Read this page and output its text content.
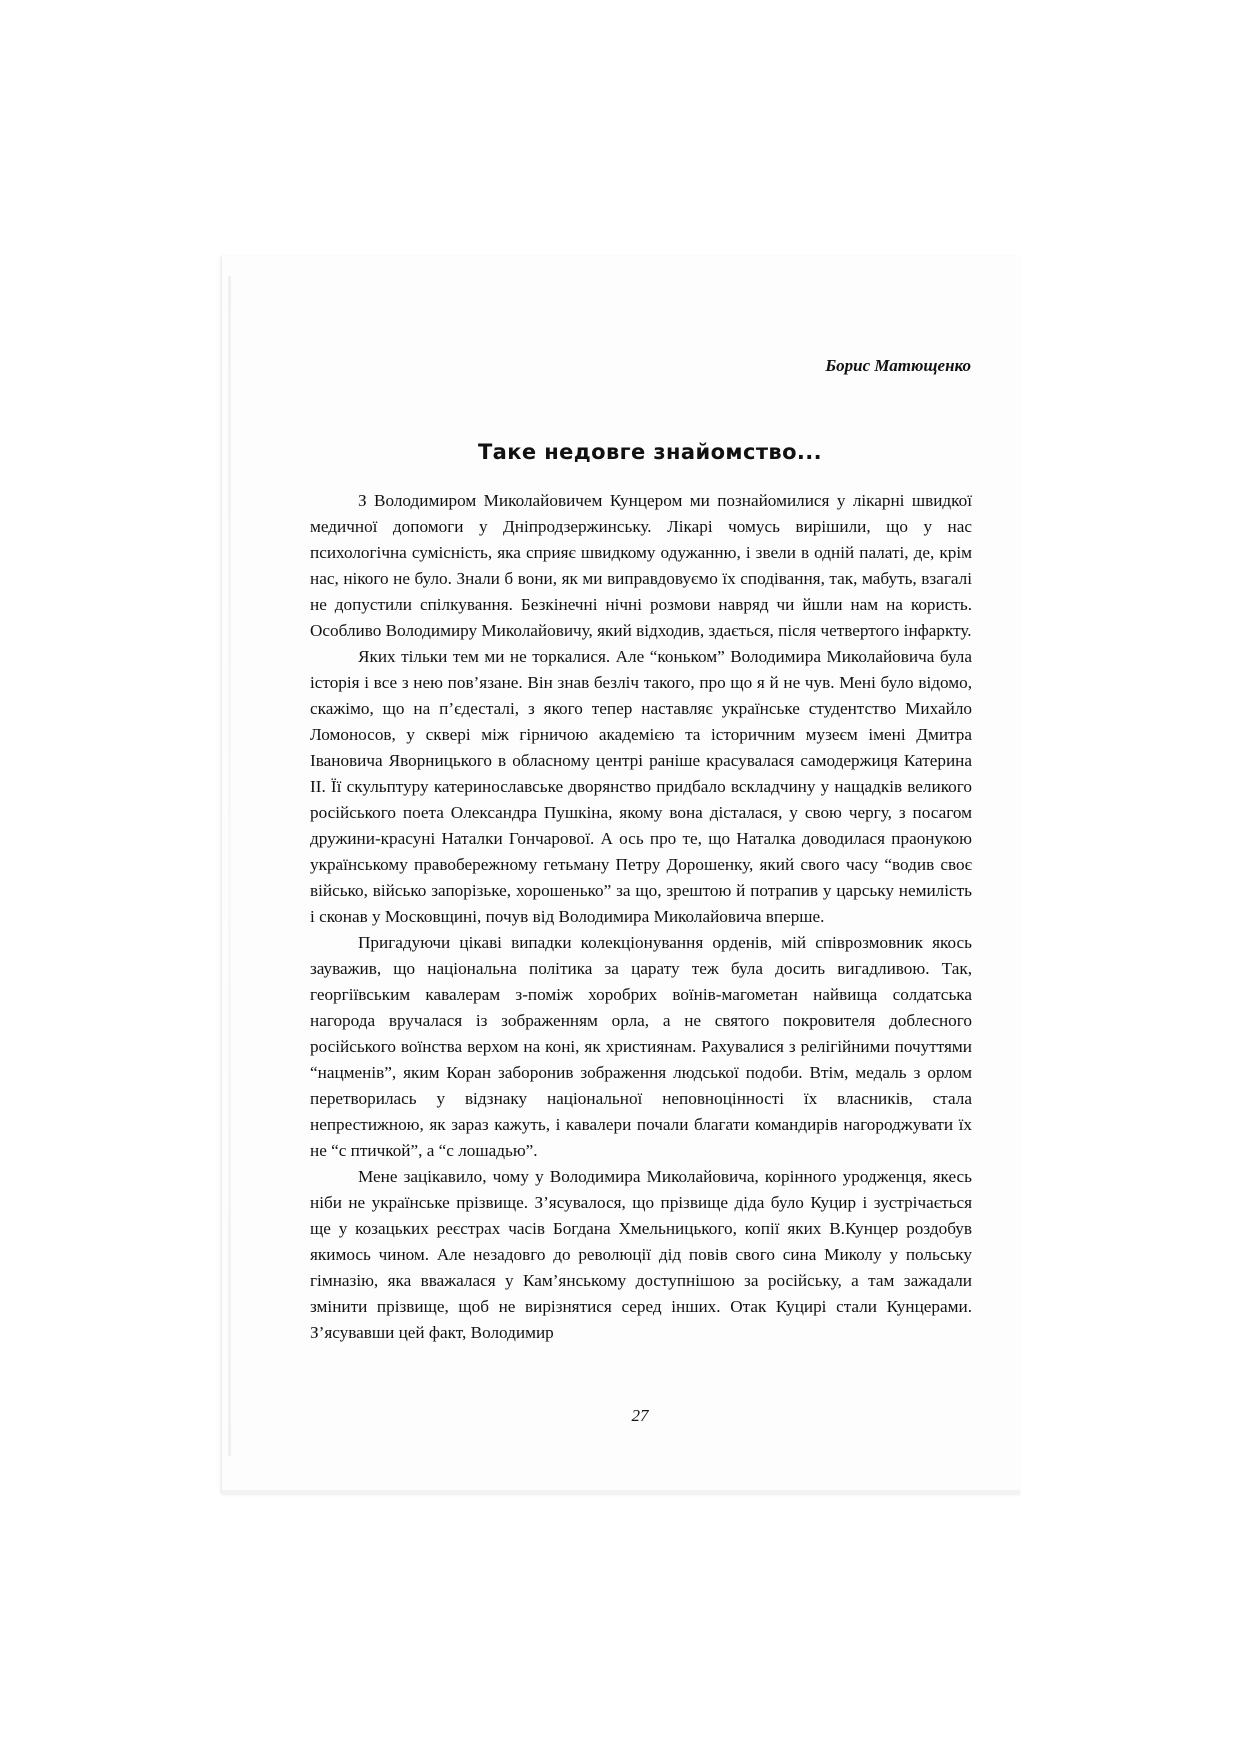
Борис Матющенко

Таке недовге знайомство...

З Володимиром Миколайовичем Кунцером ми познайомилися у лікарні швидкої медичної допомоги у Дніпродзержинську. Лікарі чомусь вирішили, що у нас психологічна сумісність, яка сприяє швидкому одужанню, і звели в одній палаті, де, крім нас, нікого не було. Знали б вони, як ми виправдовуємо їх сподівання, так, мабуть, взагалі не допустили спілкування. Безкінечні нічні розмови навряд чи йшли нам на користь. Особливо Володимиру Миколайовичу, який відходив, здається, після четвертого інфаркту.

Яких тільки тем ми не торкалися. Але “коньком” Володимира Миколайовича була історія і все з нею пов’язане. Він знав безліч такого, про що я й не чув. Мені було відомо, скажімо, що на п’єдесталі, з якого тепер наставляє українське студентство Михайло Ломоносов, у сквері між гірничою академією та історичним музеєм імені Дмитра Івановича Яворницького в обласному центрі раніше красувалася самодержиця Катерина ІІ. Її скульптуру катеринославське дворянство придбало вскладчину у нащадків великого російського поета Олександра Пушкіна, якому вона дісталася, у свою чергу, з посагом дружини-красуні Наталки Гончарової. А ось про те, що Наталка доводилася праонукою українському правобережному гетьману Петру Дорошенку, який свого часу “водив своє військо, військо запорізьке, хорошенько” за що, зрештою й потрапив у царську немилість і сконав у Московщині, почув від Володимира Миколайовича вперше.

Пригадуючи цікаві випадки колекціонування орденів, мій співрозмовник якось зауважив, що національна політика за царату теж була досить вигадливою. Так, георгіївським кавалерам з-поміж хоробрих воїнів-магометан найвища солдатська нагорода вручалася із зображенням орла, а не святого покровителя доблесного російського воїнства верхом на коні, як християнам. Рахувалися з релігійними почуттями “нацменів”, яким Коран заборонив зображення людської подоби. Втім, медаль з орлом перетворилась у відзнаку національної неповноцінності їх власників, стала непрестижною, як зараз кажуть, і кавалери почали благати командирів нагороджувати їх не “с птичкой”, а “с лошадью”.

Мене зацікавило, чому у Володимира Миколайовича, корінного уродженця, якесь ніби не українське прізвище. З’ясувалося, що прізвище діда було Куцир і зустрічається ще у козацьких реєстрах часів Богдана Хмельницького, копії яких В.Кунцер роздобув якимось чином. Але незадовго до революції дід повів свого сина Миколу у польську гімназію, яка вважалася у Кам’янському доступнішою за російську, а там зажадали змінити прізвище, щоб не вирізнятися серед інших. Отак Куцирі стали Кунцерами. З’ясувавши цей факт, Володимир

27
